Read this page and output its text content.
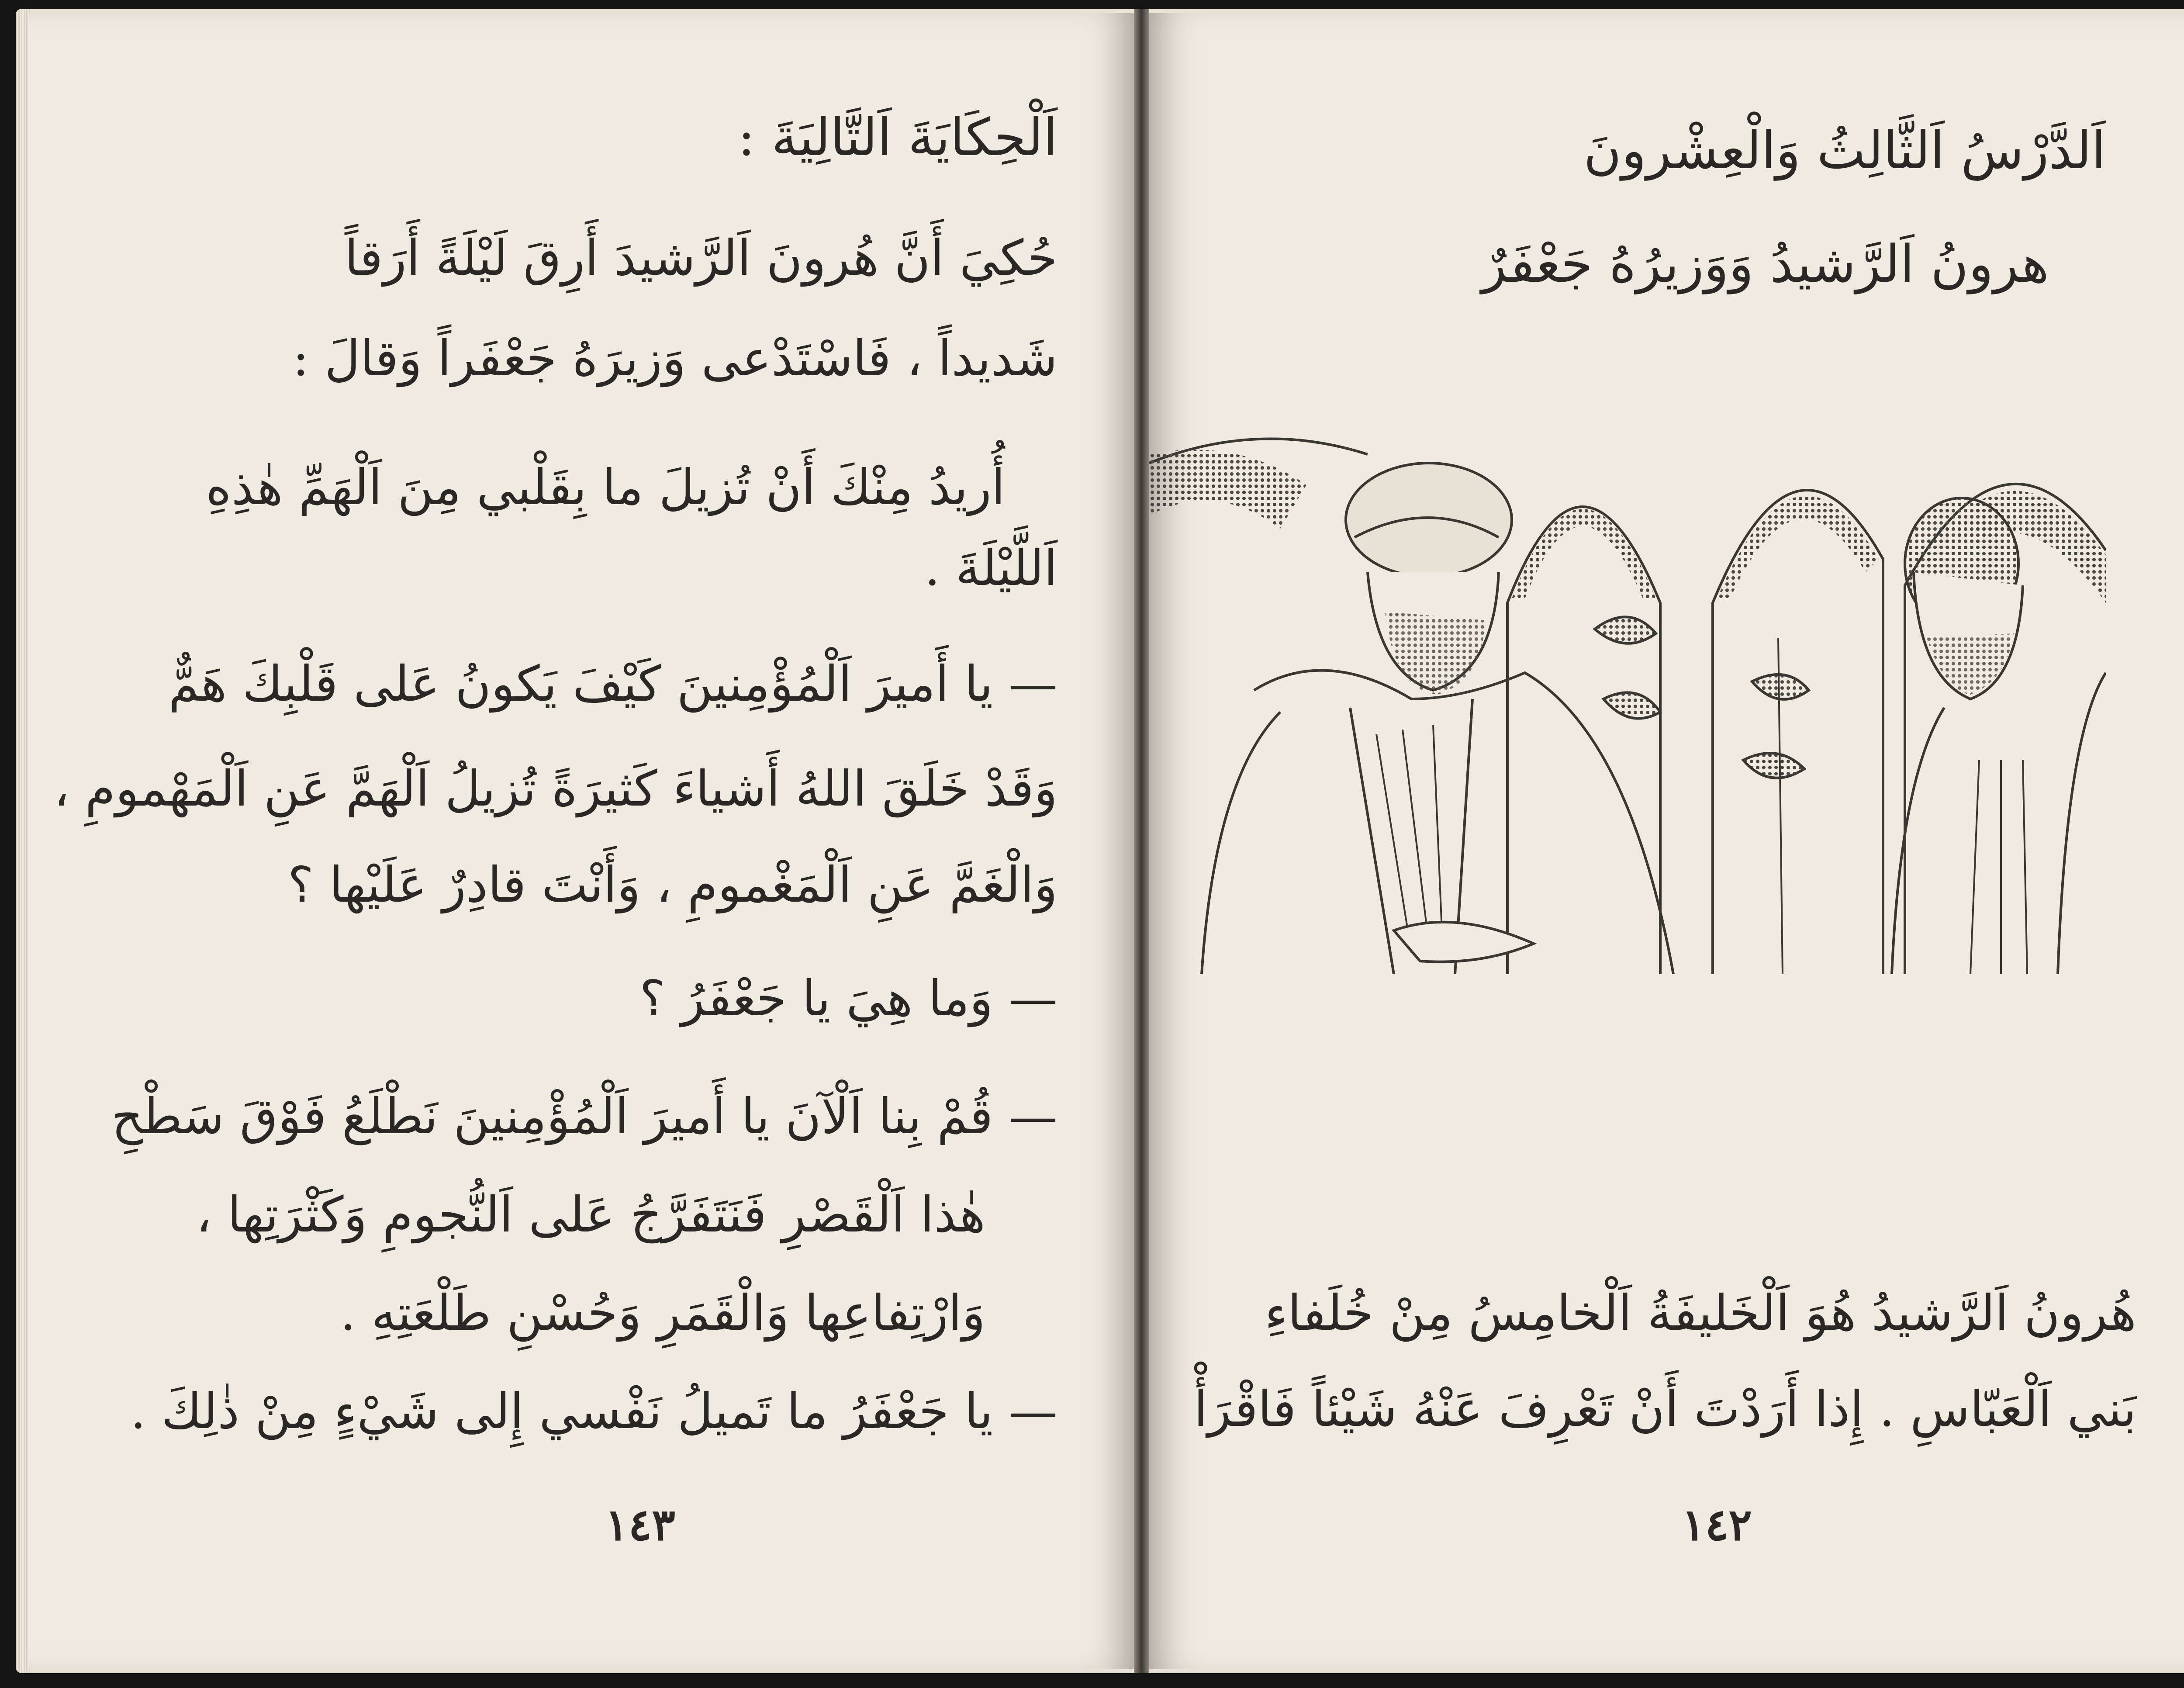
اَلْحِكَايَةَ اَلتَّالِيَةَ :
حُكِيَ أَنَّ هُرونَ اَلرَّشيدَ أَرِقَ لَيْلَةً أَرَقاً
شَديداً ، فَاسْتَدْعى وَزيرَهُ جَعْفَراً وَقالَ :
أُريدُ مِنْكَ أَنْ تُزيلَ ما بِقَلْبي مِنَ اَلْهَمِّ هٰذِهِ
اَللَّيْلَةَ .
— يا أَميرَ اَلْمُؤْمِنينَ كَيْفَ يَكونُ عَلى قَلْبِكَ هَمٌّ
وَقَدْ خَلَقَ اللهُ أَشياءَ كَثيرَةً تُزيلُ اَلْهَمَّ عَنِ اَلْمَهْمومِ ،
وَالْغَمَّ عَنِ اَلْمَغْمومِ ، وَأَنْتَ قادِرٌ عَلَيْها ؟
— وَما هِيَ يا جَعْفَرُ ؟
— قُمْ بِنا اَلْآنَ يا أَميرَ اَلْمُؤْمِنينَ نَطْلَعُ فَوْقَ سَطْحِ
هٰذا اَلْقَصْرِ فَنَتَفَرَّجُ عَلى اَلنُّجومِ وَكَثْرَتِها ،
وَارْتِفاعِها وَالْقَمَرِ وَحُسْنِ طَلْعَتِهِ .
— يا جَعْفَرُ ما تَميلُ نَفْسي إِلى شَيْءٍ مِنْ ذٰلِكَ .
١٤٣
اَلدَّرْسُ اَلثَّالِثُ وَالْعِشْرونَ
هرونُ اَلرَّشيدُ وَوَزيرُهُ جَعْفَرٌ
هُرونُ اَلرَّشيدُ هُوَ اَلْخَليفَةُ اَلْخامِسُ مِنْ خُلَفاءِ
بَني اَلْعَبّاسِ . إِذا أَرَدْتَ أَنْ تَعْرِفَ عَنْهُ شَيْئاً فَاقْرَأْ
١٤٢
